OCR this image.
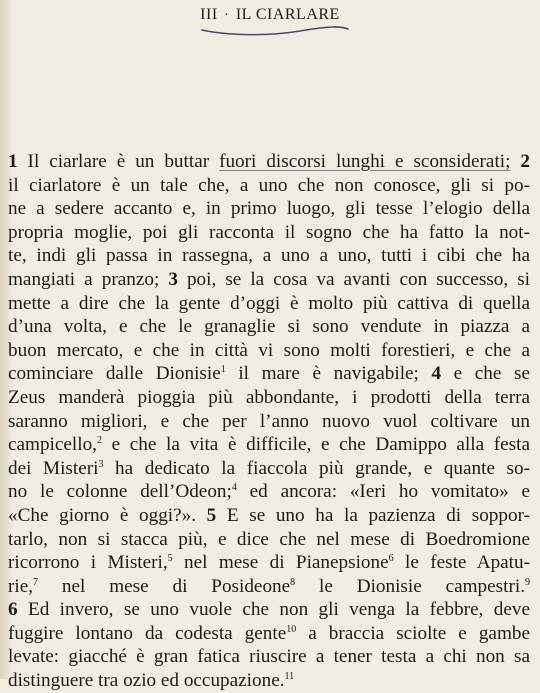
III · IL CIARLARE
1 Il ciarlare è un buttar fuori discorsi lunghi e sconsiderati; 2
il ciarlatore è un tale che, a uno che non conosce, gli si po-
ne a sedere accanto e, in primo luogo, gli tesse l’elogio della
propria moglie, poi gli racconta il sogno che ha fatto la not-
te, indi gli passa in rassegna, a uno a uno, tutti i cibi che ha
mangiati a pranzo; 3 poi, se la cosa va avanti con successo, si
mette a dire che la gente d’oggi è molto più cattiva di quella
d’una volta, e che le granaglie si sono vendute in piazza a
buon mercato, e che in città vi sono molti forestieri, e che a
cominciare dalle Dionisie$^1$ il mare è navigabile; 4 e che se
Zeus manderà pioggia più abbondante, i prodotti della terra
saranno migliori, e che per l’anno nuovo vuol coltivare un
campicello,$^2$ e che la vita è difficile, e che Damippo alla festa
dei Misteri$^3$ ha dedicato la fiaccola più grande, e quante so-
no le colonne dell’Odeon;$^4$ ed ancora: «Ieri ho vomitato» e
«Che giorno è oggi?». 5 E se uno ha la pazienza di soppor-
tarlo, non si stacca più, e dice che nel mese di Boedromione
ricorrono i Misteri,$^5$ nel mese di Pianepsione$^6$ le feste Apatu-
rie,$^7$ nel mese di Posideone$^8$ le Dionisie campestri.$^9$
6 Ed invero, se uno vuole che non gli venga la febbre, deve
fuggire lontano da codesta gente$^{10}$ a braccia sciolte e gambe
levate: giacché è gran fatica riuscire a tener testa a chi non sa
distinguere tra ozio ed occupazione.$^{11}$
